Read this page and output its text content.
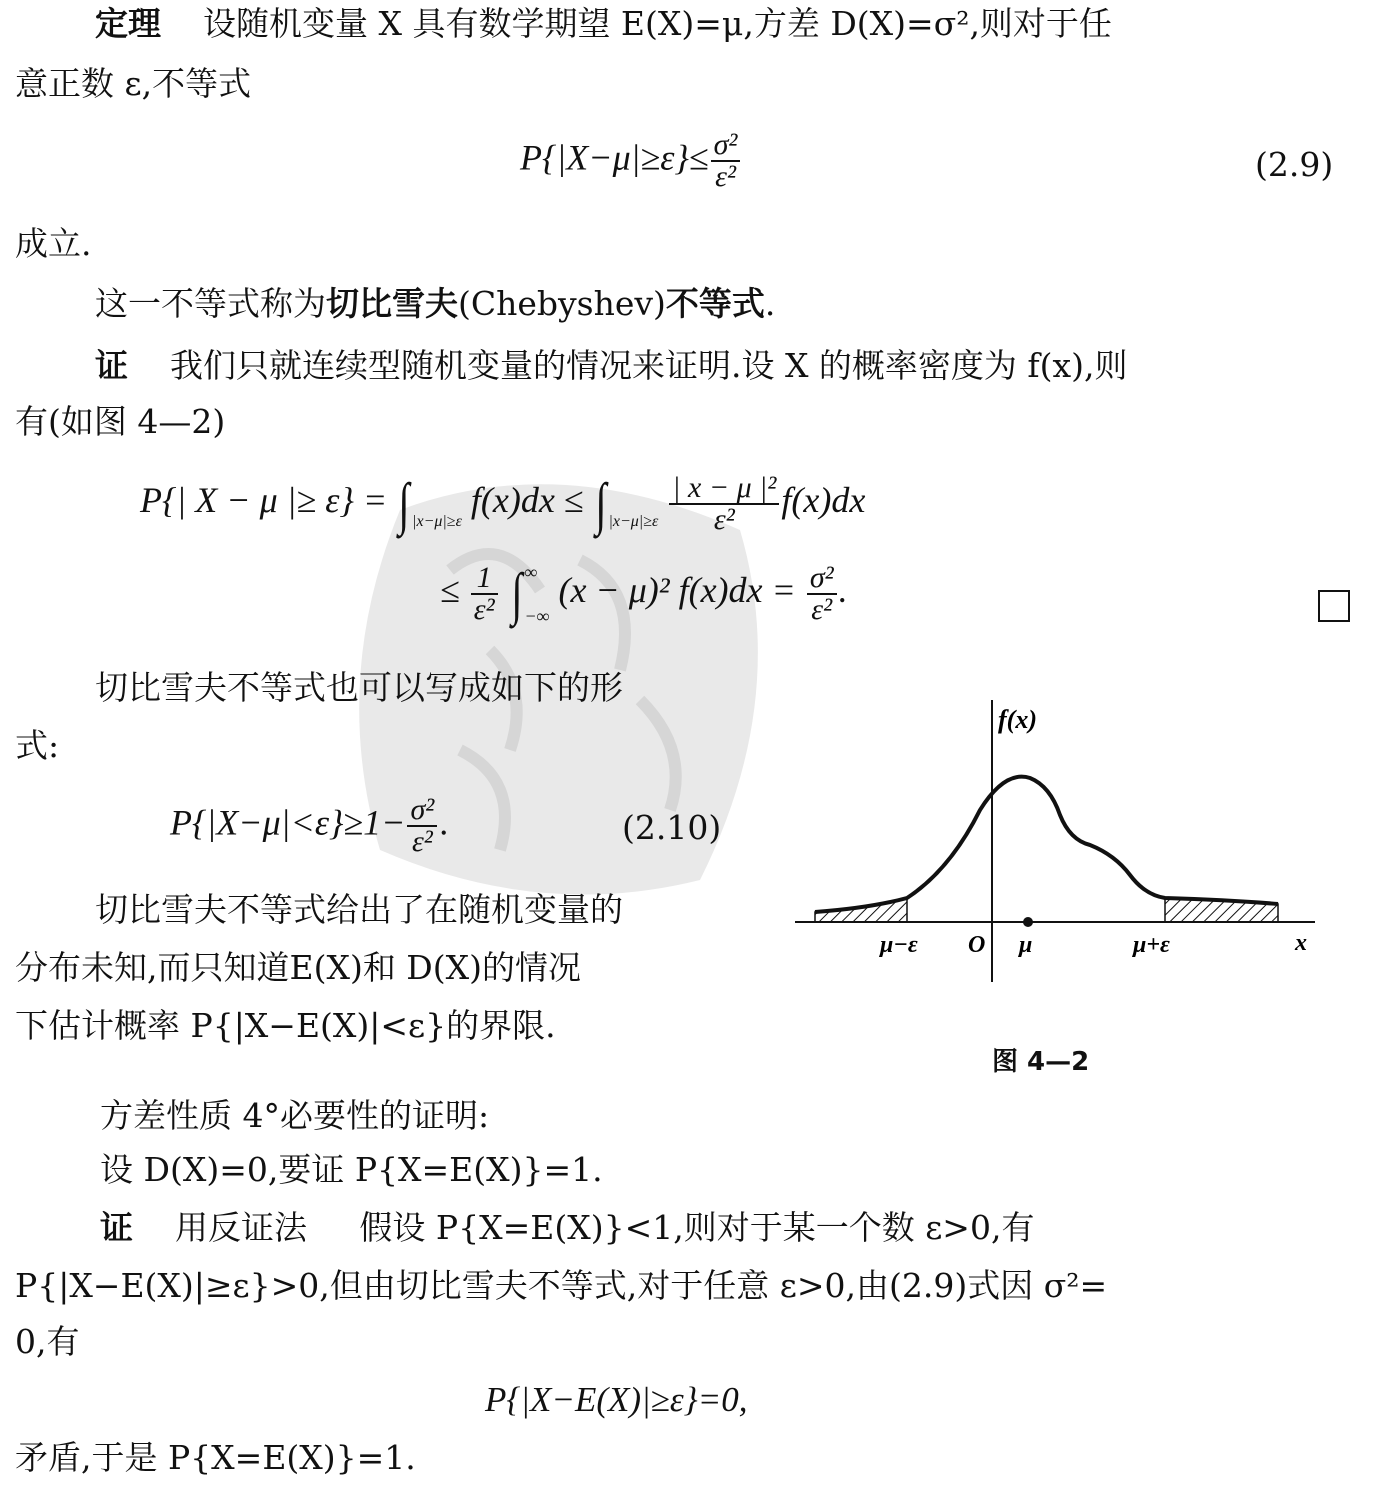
定理 设随机变量 X 具有数学期望 E(X)=μ,方差 D(X)=σ²,则对于任
意正数 ε,不等式
$P\{|X-\mu|\ge\varepsilon\}\le \frac{\text{σ²}}{\text{ε²}}$	(2.9)
成立.
这一不等式称为切比雪夫(Chebyshev)不等式.
证 我们只就连续型随机变量的情况来证明.设 X 的概率密度为 f(x),则
有(如图 4—2)
P{| X − μ |≥ ε} = ∫ $_{|x-\mu|\ge\varepsilon}$ f(x)dx ≤ ∫ $_{|x-\mu|\ge\varepsilon} \frac{\text{| x − μ |²}}{\text{ε²}} f(x)dx$
≤ $\frac{1}{\text{ε²}}$ ∫ ∞
−∞
(x − μ)² $f(x)dx = \frac{\text{σ²}}{\text{ε²}}$ .
切比雪夫不等式也可以写成如下的形
式:
$P\{|X-\mu|<\varepsilon\}\ge 1- \frac{\text{σ²}}{\text{ε²}}$ .	(2.10)
切比雪夫不等式给出了在随机变量的
分布未知,而只知道E(X)和 D(X)的情况
下估计概率 P{|X−E(X)|<ε}的界限.
f(x)
x
O
μ−ε	μ	μ+ε
图 4—2
方差性质 4°必要性的证明:
设 D(X)=0,要证 P{X=E(X)}=1.
证 用反证法 假设 P{X=E(X)}<1,则对于某一个数 ε>0,有
P{|X−E(X)|≥ε}>0,但由切比雪夫不等式,对于任意 ε>0,由(2.9)式因 σ²=
0,有
P{|X−E(X)|≥ε}=0,
矛盾,于是 P{X=E(X)}=1.
